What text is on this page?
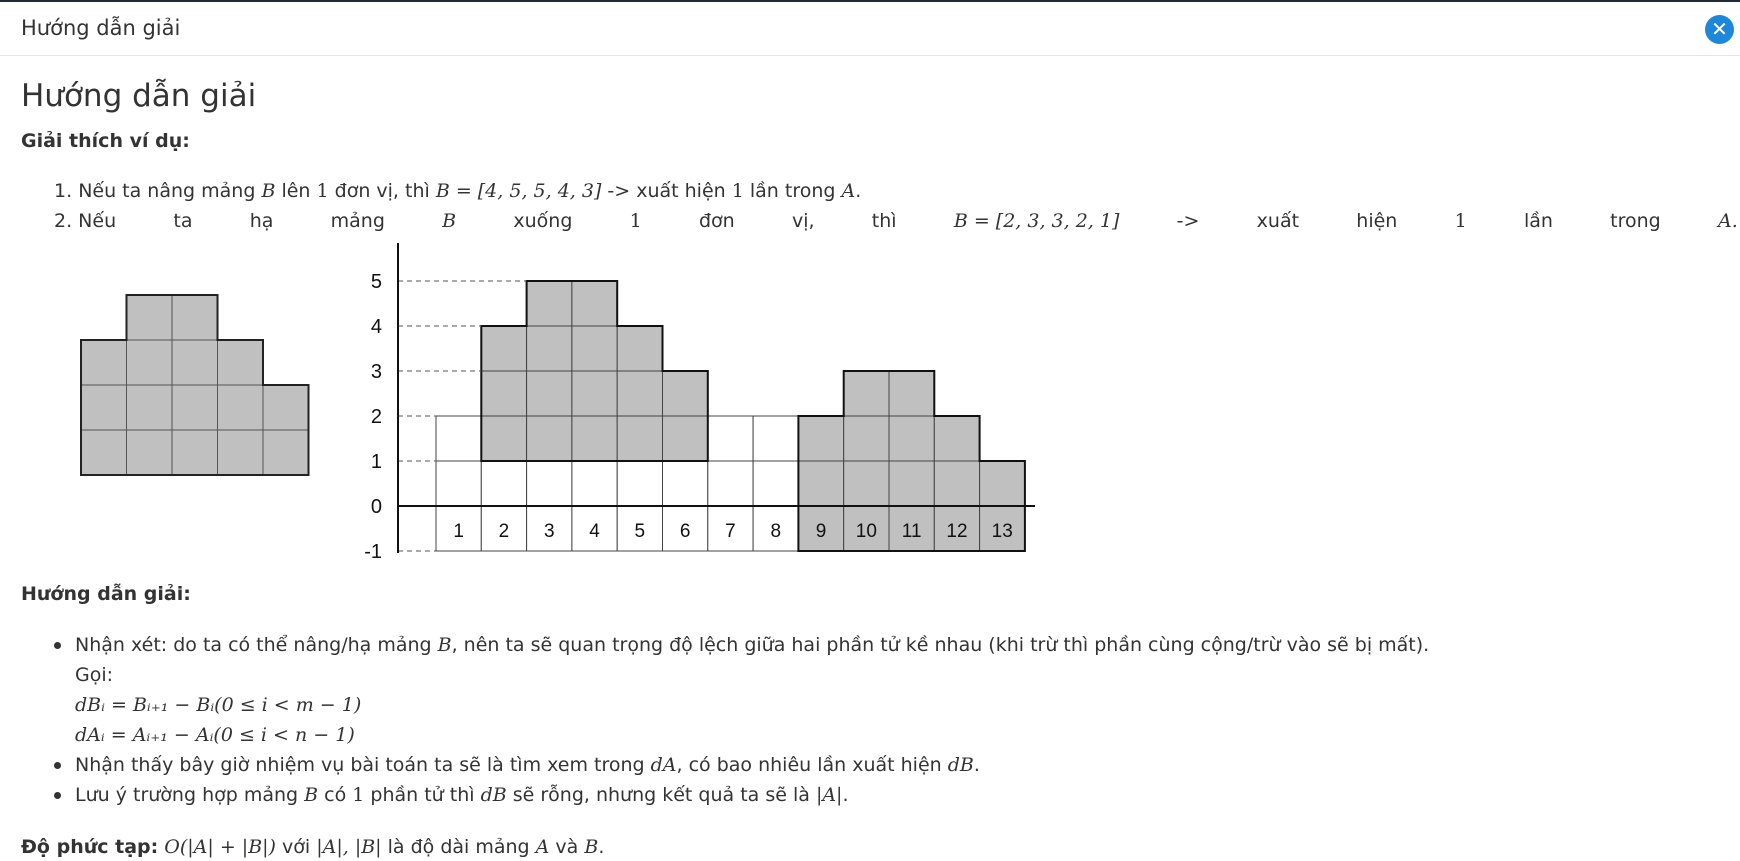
Hướng dẫn giải	✕
Hướng dẫn giải
Giải thích ví dụ:
1. Nếu ta nâng mảng B lên 1 đơn vị, thì B = [4, 5, 5, 4, 3] -> xuất hiện 1 lần trong A.
2. Nếu	ta	hạ	mảng	B	xuống	1	đơn	vị,	thì	B = [2, 3, 3, 2, 1]	->	xuất	hiện	1	lần	trong	A.
5
4
3
2
1
0
-1
1 2 3 4 5 6 7 8 9 10 11 12 13
Hướng dẫn giải:
Nhận xét: do ta có thể nâng/hạ mảng B, nên ta sẽ quan trọng độ lệch giữa hai phần tử kề nhau (khi trừ thì phần cùng cộng/trừ vào sẽ bị mất).
Gọi:
dBᵢ = Bᵢ₊₁ − Bᵢ(0 ≤ i < m − 1)
dAᵢ = Aᵢ₊₁ − Aᵢ(0 ≤ i < n − 1)
Nhận thấy bây giờ nhiệm vụ bài toán ta sẽ là tìm xem trong dA, có bao nhiêu lần xuất hiện dB.
Lưu ý trường hợp mảng B có 1 phần tử thì dB sẽ rỗng, nhưng kết quả ta sẽ là |A|.
Độ phức tạp: O(|A| + |B|) với |A|, |B| là độ dài mảng A và B.
